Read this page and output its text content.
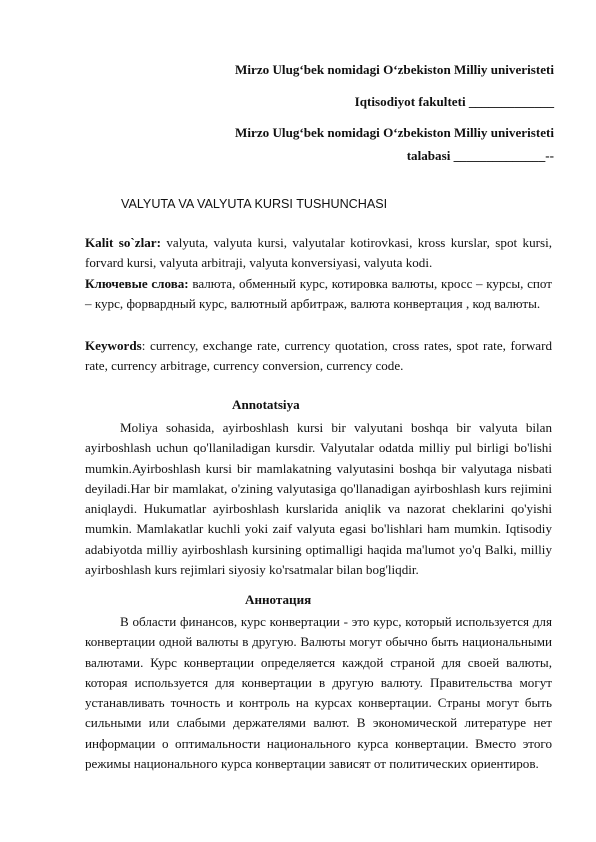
Mirzo Ulug‘bek nomidagi O‘zbekiston Milliy univeristeti
Iqtisodiyot fakulteti _____________
Mirzo Ulug‘bek nomidagi O‘zbekiston Milliy univeristeti
talabasi ______________--
VALYUTA VA VALYUTA KURSI TUSHUNCHASI
Kalit so`zlar: valyuta, valyuta kursi, valyutalar kotirovkasi, kross kurslar, spot kursi, forvard kursi, valyuta arbitraji, valyuta konversiyasi, valyuta kodi.
Ключевые слова: валюта, обменный курс, котировка валюты, кросс – курсы, спот – курс, форвардный курс, валютный арбитраж, валюта конвертация , код валюты.
Keywords: currency, exchange rate, currency quotation, cross rates, spot rate, forward rate, currency arbitrage, currency conversion, currency code.
Annotatsiya

Moliya sohasida, ayirboshlash kursi bir valyutani boshqa bir valyuta bilan ayirboshlash uchun qo'llaniladigan kursdir. Valyutalar odatda milliy pul birligi bo'lishi mumkin.Ayirboshlash kursi bir mamlakatning valyutasini boshqa bir valyutaga nisbati deyiladi.Har bir mamlakat, o'zining valyutasiga qo'llanadigan ayirboshlash kurs rejimini aniqlaydi. Hukumatlar ayirboshlash kurslarida aniqlik va nazorat cheklarini qo'yishi mumkin. Mamlakatlar kuchli yoki zaif valyuta egasi bo'lishlari ham mumkin. Iqtisodiy adabiyotda milliy ayirboshlash kursining optimalligi haqida ma'lumot yo'q Balki, milliy ayirboshlash kurs rejimlari siyosiy ko'rsatmalar bilan bog'liqdir.

Аннотация

В области финансов, курс конвертации - это курс, который используется для конвертации одной валюты в другую. Валюты могут обычно быть национальными валютами. Курс конвертации определяется каждой страной для своей валюты, которая используется для конвертации в другую валюту. Правительства могут устанавливать точность и контроль на курсах конвертации. Страны могут быть сильными или слабыми держателями валют. В экономической литературе нет информации о оптимальности национального курса конвертации. Вместо этого режимы национального курса конвертации зависят от политических ориентиров.
